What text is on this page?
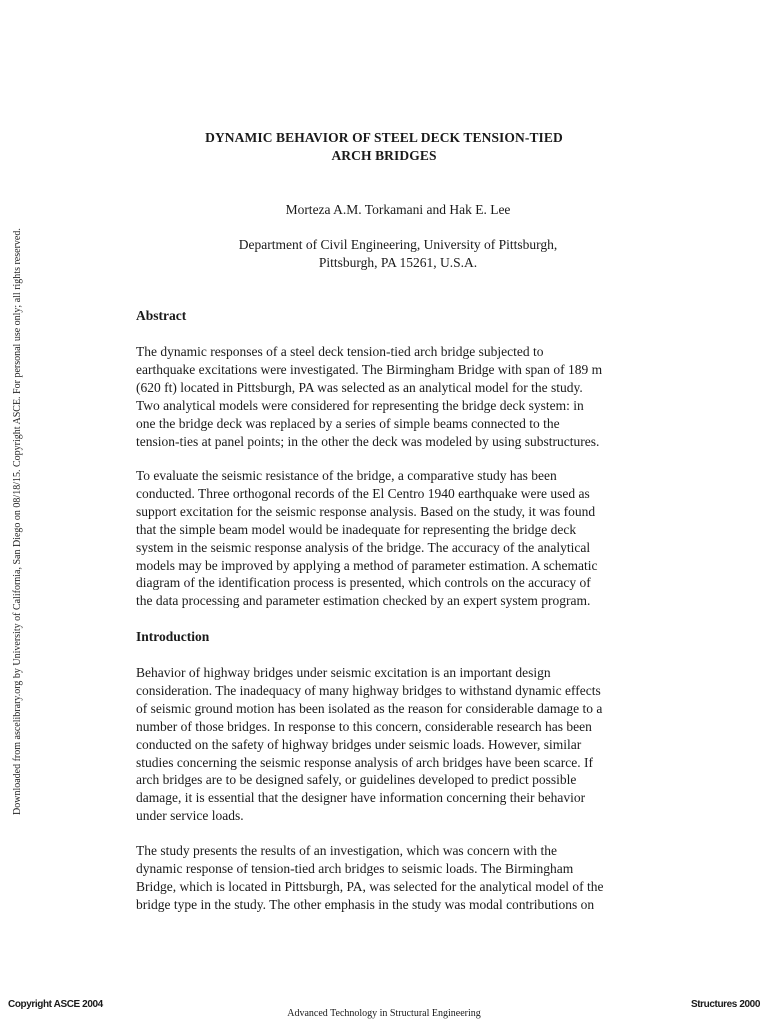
Downloaded from ascelibrary.org by University of California, San Diego on 08/18/15. Copyright ASCE. For personal use only; all rights reserved.
DYNAMIC BEHAVIOR OF STEEL DECK TENSION-TIED
ARCH BRIDGES
Morteza A.M. Torkamani and Hak E. Lee
Department of Civil Engineering, University of Pittsburgh,
Pittsburgh, PA 15261, U.S.A.
Abstract
The dynamic responses of a steel deck tension-tied arch bridge subjected to
earthquake excitations were investigated. The Birmingham Bridge with span of 189 m
(620 ft) located in Pittsburgh, PA was selected as an analytical model for the study.
Two analytical models were considered for representing the bridge deck system: in
one the bridge deck was replaced by a series of simple beams connected to the
tension-ties at panel points; in the other the deck was modeled by using substructures.
To evaluate the seismic resistance of the bridge, a comparative study has been
conducted. Three orthogonal records of the El Centro 1940 earthquake were used as
support excitation for the seismic response analysis. Based on the study, it was found
that the simple beam model would be inadequate for representing the bridge deck
system in the seismic response analysis of the bridge. The accuracy of the analytical
models may be improved by applying a method of parameter estimation. A schematic
diagram of the identification process is presented, which controls on the accuracy of
the data processing and parameter estimation checked by an expert system program.
Introduction
Behavior of highway bridges under seismic excitation is an important design
consideration. The inadequacy of many highway bridges to withstand dynamic effects
of seismic ground motion has been isolated as the reason for considerable damage to a
number of those bridges. In response to this concern, considerable research has been
conducted on the safety of highway bridges under seismic loads. However, similar
studies concerning the seismic response analysis of arch bridges have been scarce. If
arch bridges are to be designed safely, or guidelines developed to predict possible
damage, it is essential that the designer have information concerning their behavior
under service loads.
The study presents the results of an investigation, which was concern with the
dynamic response of tension-tied arch bridges to seismic loads. The Birmingham
Bridge, which is located in Pittsburgh, PA, was selected for the analytical model of the
bridge type in the study. The other emphasis in the study was modal contributions on
Copyright ASCE 2004	Structures 2000
Advanced Technology in Structural Engineering
